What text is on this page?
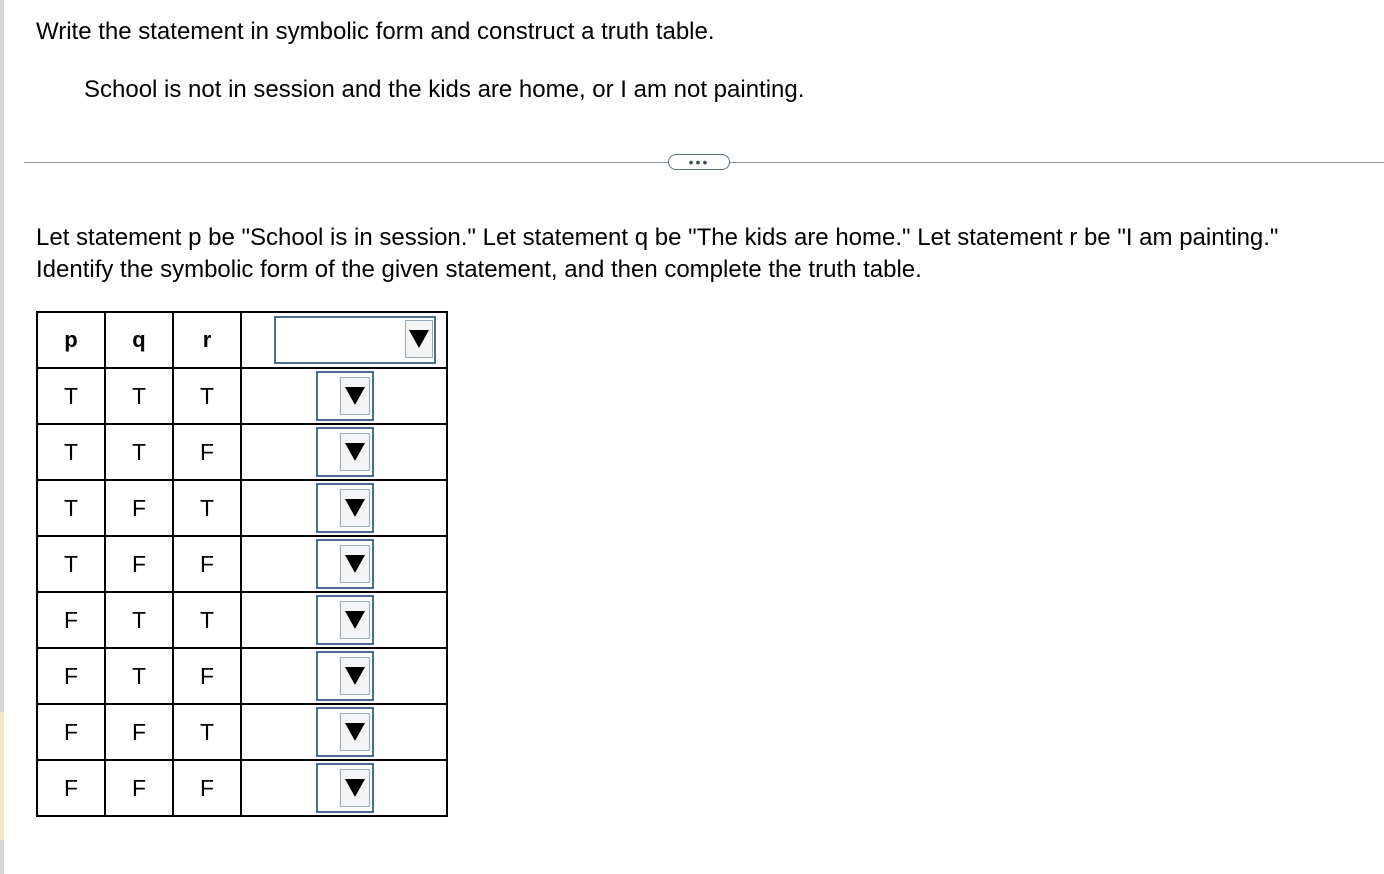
Write the statement in symbolic form and construct a truth table.
School is not in session and the kids are home, or I am not painting.
•••

Let statement p be "School is in session." Let statement q be "The kids are home." Let statement r be "I am painting."

Identify the symbolic form of the given statement, and then complete the truth table.

p	q	r	

T	T	T	

T	T	F	

T	F	T	

T	F	F	

F	T	T	

F	T	F	

F	F	T	

F	F	F	
